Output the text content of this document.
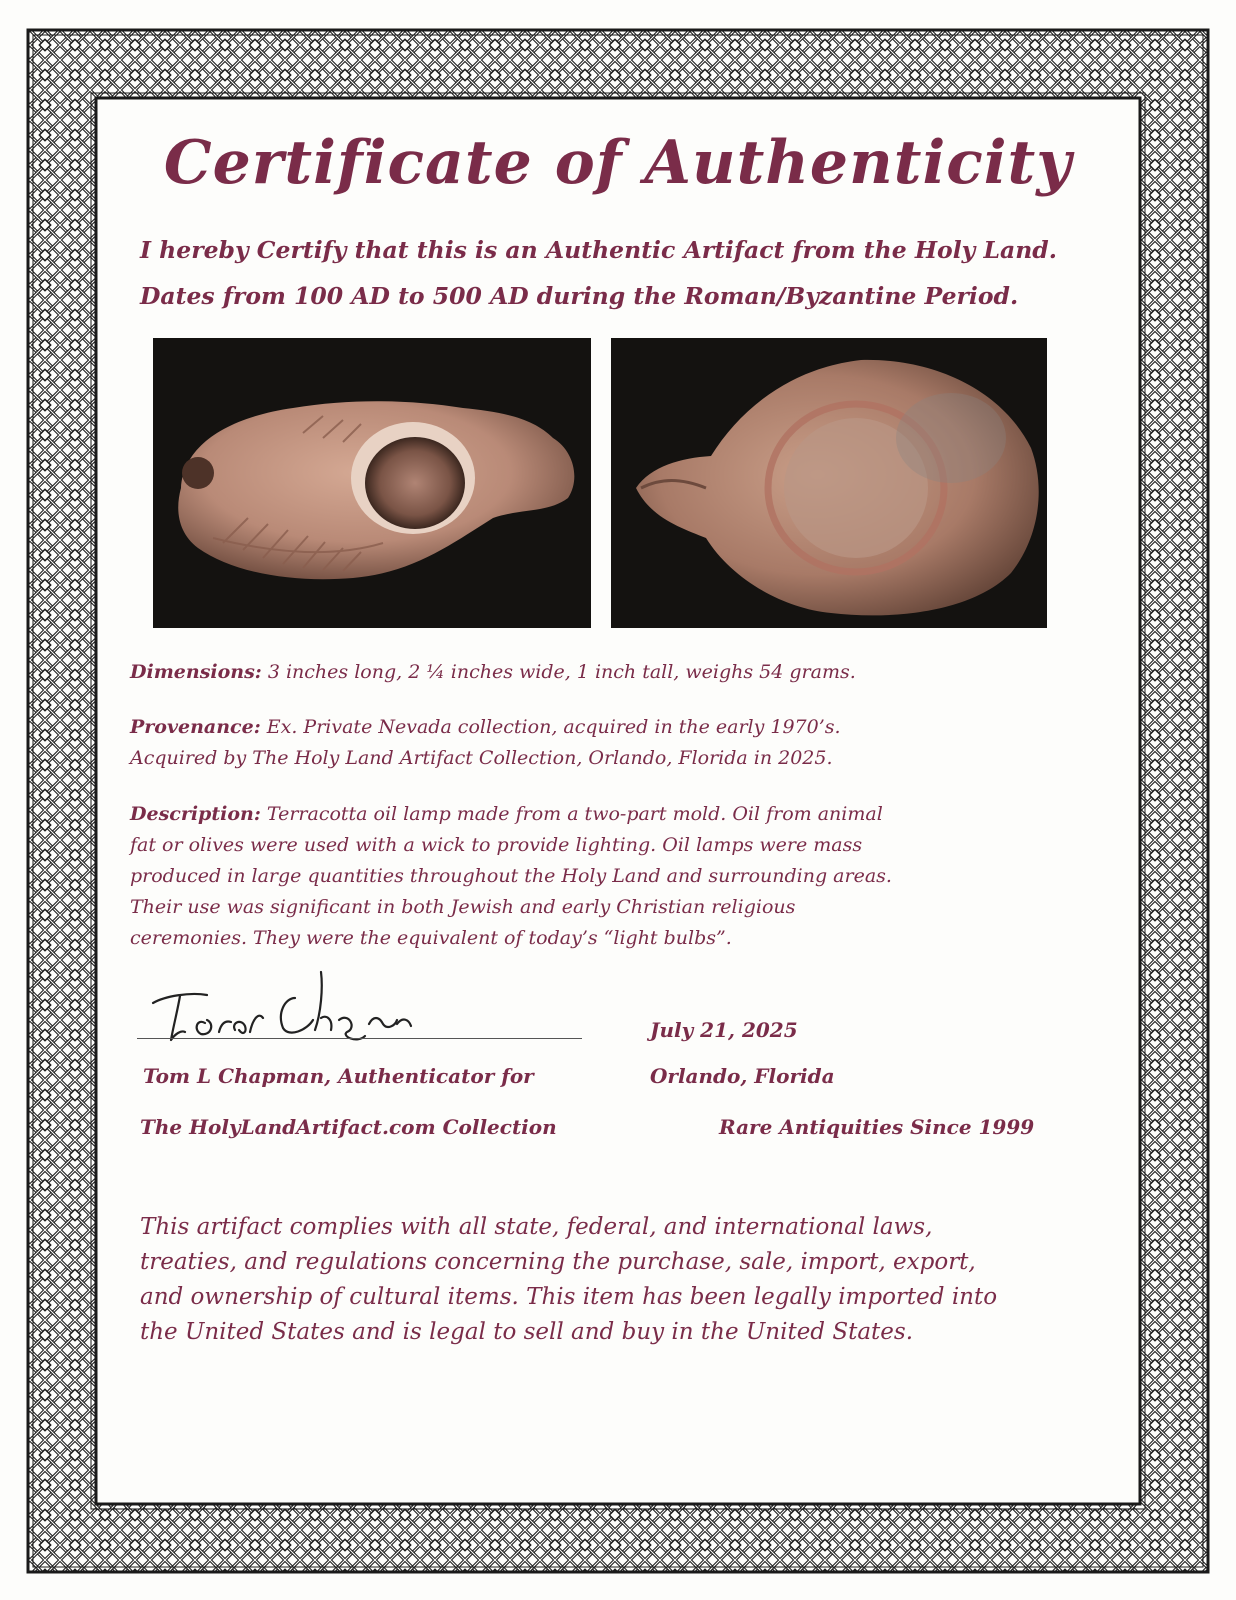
Certificate of Authenticity
I hereby Certify that this is an Authentic Artifact from the Holy Land.
Dates from 100 AD to 500 AD during the Roman/Byzantine Period.
Dimensions: 3 inches long, 2 ¼ inches wide, 1 inch tall, weighs 54 grams.
Provenance: Ex. Private Nevada collection, acquired in the early 1970’s.
Acquired by The Holy Land Artifact Collection, Orlando, Florida in 2025.
Description: Terracotta oil lamp made from a two-part mold. Oil from animal
fat or olives were used with a wick to provide lighting. Oil lamps were mass
produced in large quantities throughout the Holy Land and surrounding areas.
Their use was significant in both Jewish and early Christian religious
ceremonies. They were the equivalent of today’s “light bulbs”.
Tom L Chapman, Authenticator for
The HolyLandArtifact.com Collection
July 21, 2025
Orlando, Florida
Rare Antiquities Since 1999
This artifact complies with all state, federal, and international laws,
treaties, and regulations concerning the purchase, sale, import, export,
and ownership of cultural items. This item has been legally imported into
the United States and is legal to sell and buy in the United States.
